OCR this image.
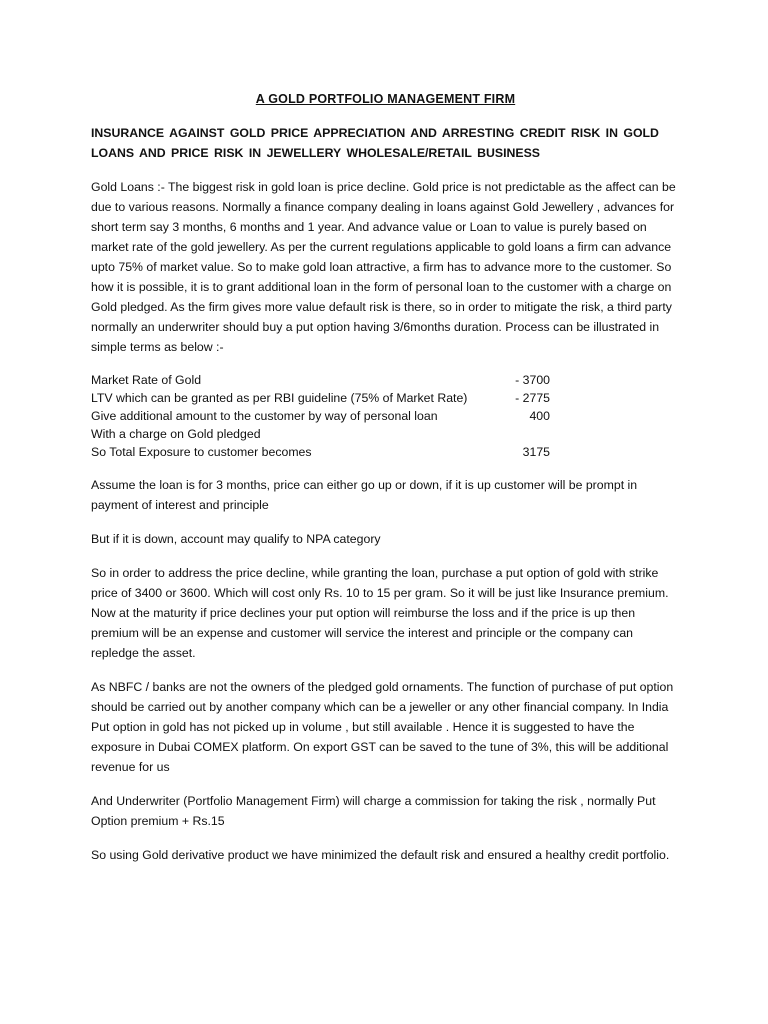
A GOLD PORTFOLIO MANAGEMENT FIRM
INSURANCE AGAINST GOLD PRICE APPRECIATION AND ARRESTING CREDIT RISK IN GOLD LOANS AND PRICE RISK IN JEWELLERY WHOLESALE/RETAIL BUSINESS

Gold Loans :- The biggest risk in gold loan is price decline. Gold price is not predictable as the affect can be due to various reasons. Normally a finance company dealing in loans against Gold Jewellery , advances for short term say 3 months, 6 months and 1 year. And advance value or Loan to value is purely based on market rate of the gold jewellery. As per the current regulations applicable to gold loans a firm can advance upto 75% of market value. So to make gold loan attractive, a firm has to advance more to the customer. So how it is possible, it is to grant additional loan in the form of personal loan to the customer with a charge on Gold pledged. As the firm gives more value default risk is there, so in order to mitigate the risk, a third party normally an underwriter should buy a put option having 3/6months duration. Process can be illustrated in simple terms as below :-

Market Rate of Gold	- 3700
LTV which can be granted as per RBI guideline (75% of Market Rate)	- 2775
Give additional amount to the customer by way of personal loan	400
With a charge on Gold pledged
So Total Exposure to customer becomes	3175

Assume the loan is for 3 months, price can either go up or down, if it is up customer will be prompt in payment of interest and principle

But if it is down, account may qualify to NPA category

So in order to address the price decline, while granting the loan, purchase a put option of gold with strike price of 3400 or 3600. Which will cost only Rs. 10 to 15 per gram. So it will be just like Insurance premium. Now at the maturity if price declines your put option will reimburse the loss and if the price is up then premium will be an expense and customer will service the interest and principle or the company can repledge the asset.

As NBFC / banks are not the owners of the pledged gold ornaments. The function of purchase of put option should be carried out by another company which can be a jeweller or any other financial company. In India Put option in gold has not picked up in volume , but still available . Hence it is suggested to have the exposure in Dubai COMEX platform. On export GST can be saved to the tune of 3%, this will be additional revenue for us

And Underwriter (Portfolio Management Firm) will charge a commission for taking the risk , normally Put Option premium + Rs.15

So using Gold derivative product we have minimized the default risk and ensured a healthy credit portfolio.
